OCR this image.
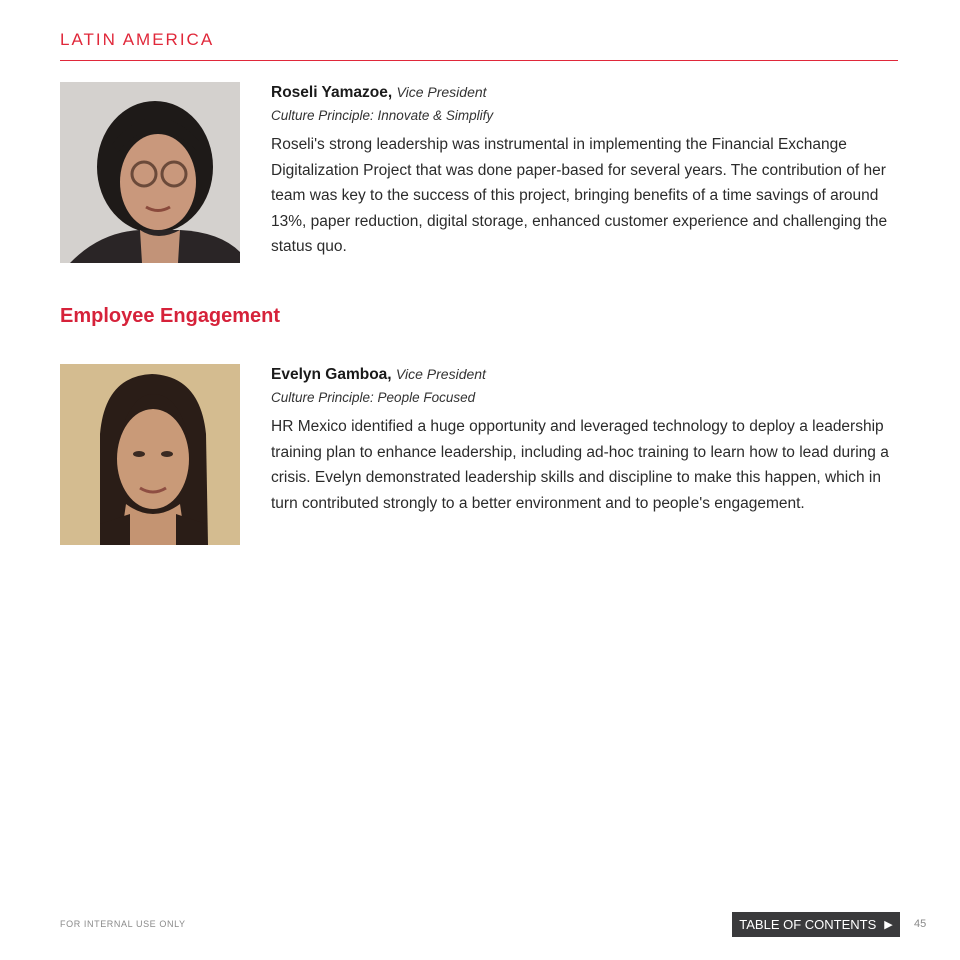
LATIN AMERICA
Roseli Yamazoe, Vice President
Culture Principle: Innovate & Simplify
Roseli's strong leadership was instrumental in implementing the Financial Exchange Digitalization Project that was done paper-based for several years. The contribution of her team was key to the success of this project, bringing benefits of a time savings of around 13%, paper reduction, digital storage, enhanced customer experience and challenging the status quo.
Employee Engagement
Evelyn Gamboa, Vice President
Culture Principle: People Focused
HR Mexico identified a huge opportunity and leveraged technology to deploy a leadership training plan to enhance leadership, including ad-hoc training to learn how to lead during a crisis. Evelyn demonstrated leadership skills and discipline to make this happen, which in turn contributed strongly to a better environment and to people's engagement.
FOR INTERNAL USE ONLY	TABLE OF CONTENTS ▶ 45
